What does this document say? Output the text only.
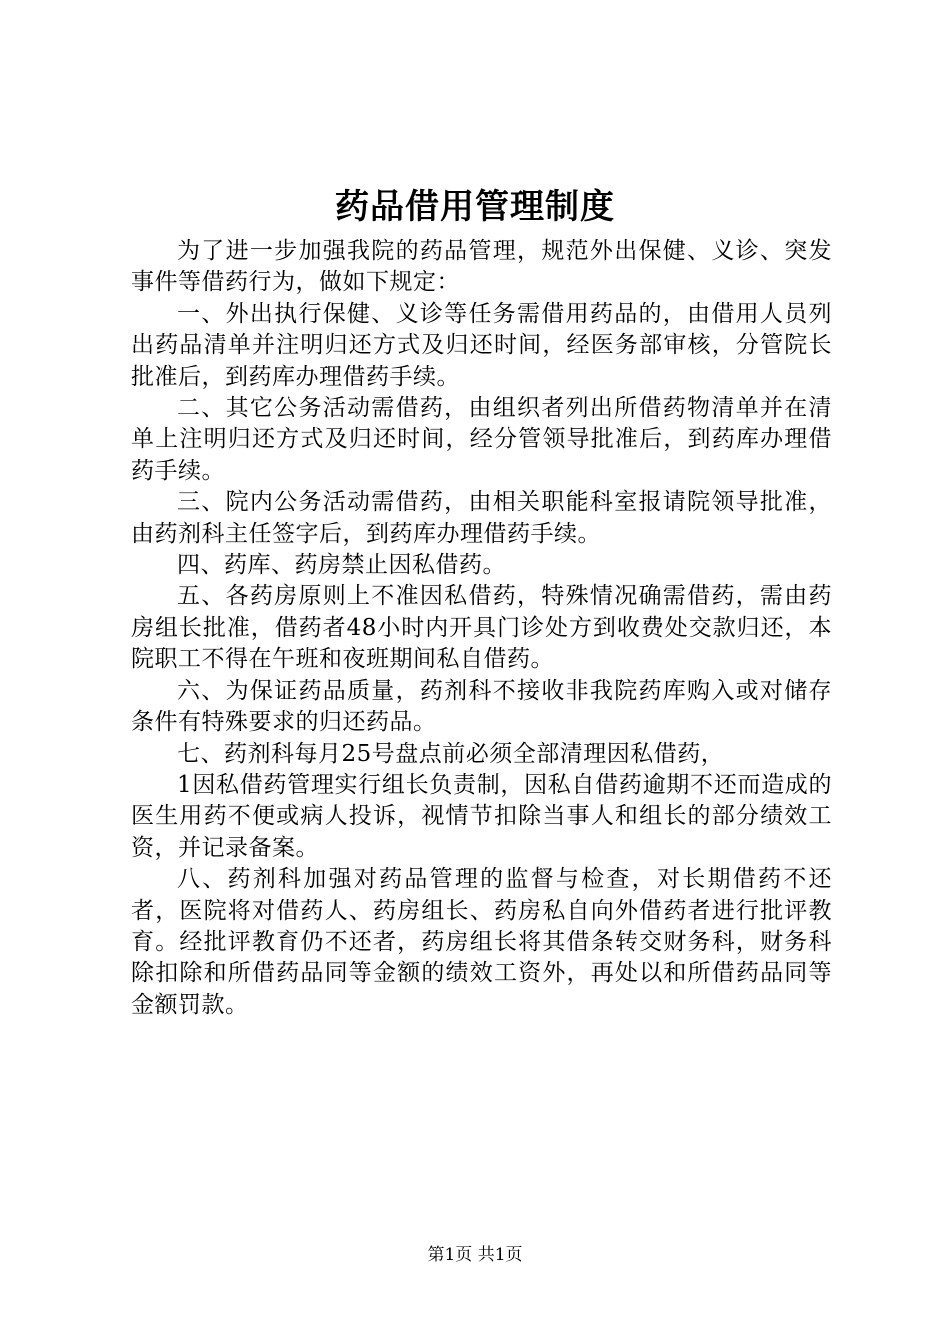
药品借用管理制度

为了进一步加强我院的药品管理，规范外出保健、义诊、突发事件等借药行为，做如下规定：

一、外出执行保健、义诊等任务需借用药品的，由借用人员列出药品清单并注明归还方式及归还时间，经医务部审核，分管院长批准后，到药库办理借药手续。

二、其它公务活动需借药，由组织者列出所借药物清单并在清单上注明归还方式及归还时间，经分管领导批准后，到药库办理借药手续。

三、院内公务活动需借药，由相关职能科室报请院领导批准，由药剂科主任签字后，到药库办理借药手续。

四、药库、药房禁止因私借药。

五、各药房原则上不准因私借药，特殊情况确需借药，需由药房组长批准，借药者48小时内开具门诊处方到收费处交款归还，本院职工不得在午班和夜班期间私自借药。

六、为保证药品质量，药剂科不接收非我院药库购入或对储存条件有特殊要求的归还药品。

七、药剂科每月25号盘点前必须全部清理因私借药，

1因私借药管理实行组长负责制，因私自借药逾期不还而造成的医生用药不便或病人投诉，视情节扣除当事人和组长的部分绩效工资，并记录备案。

八、药剂科加强对药品管理的监督与检查，对长期借药不还者，医院将对借药人、药房组长、药房私自向外借药者进行批评教育。经批评教育仍不还者，药房组长将其借条转交财务科，财务科除扣除和所借药品同等金额的绩效工资外，再处以和所借药品同等金额罚款。

第1页 共1页
